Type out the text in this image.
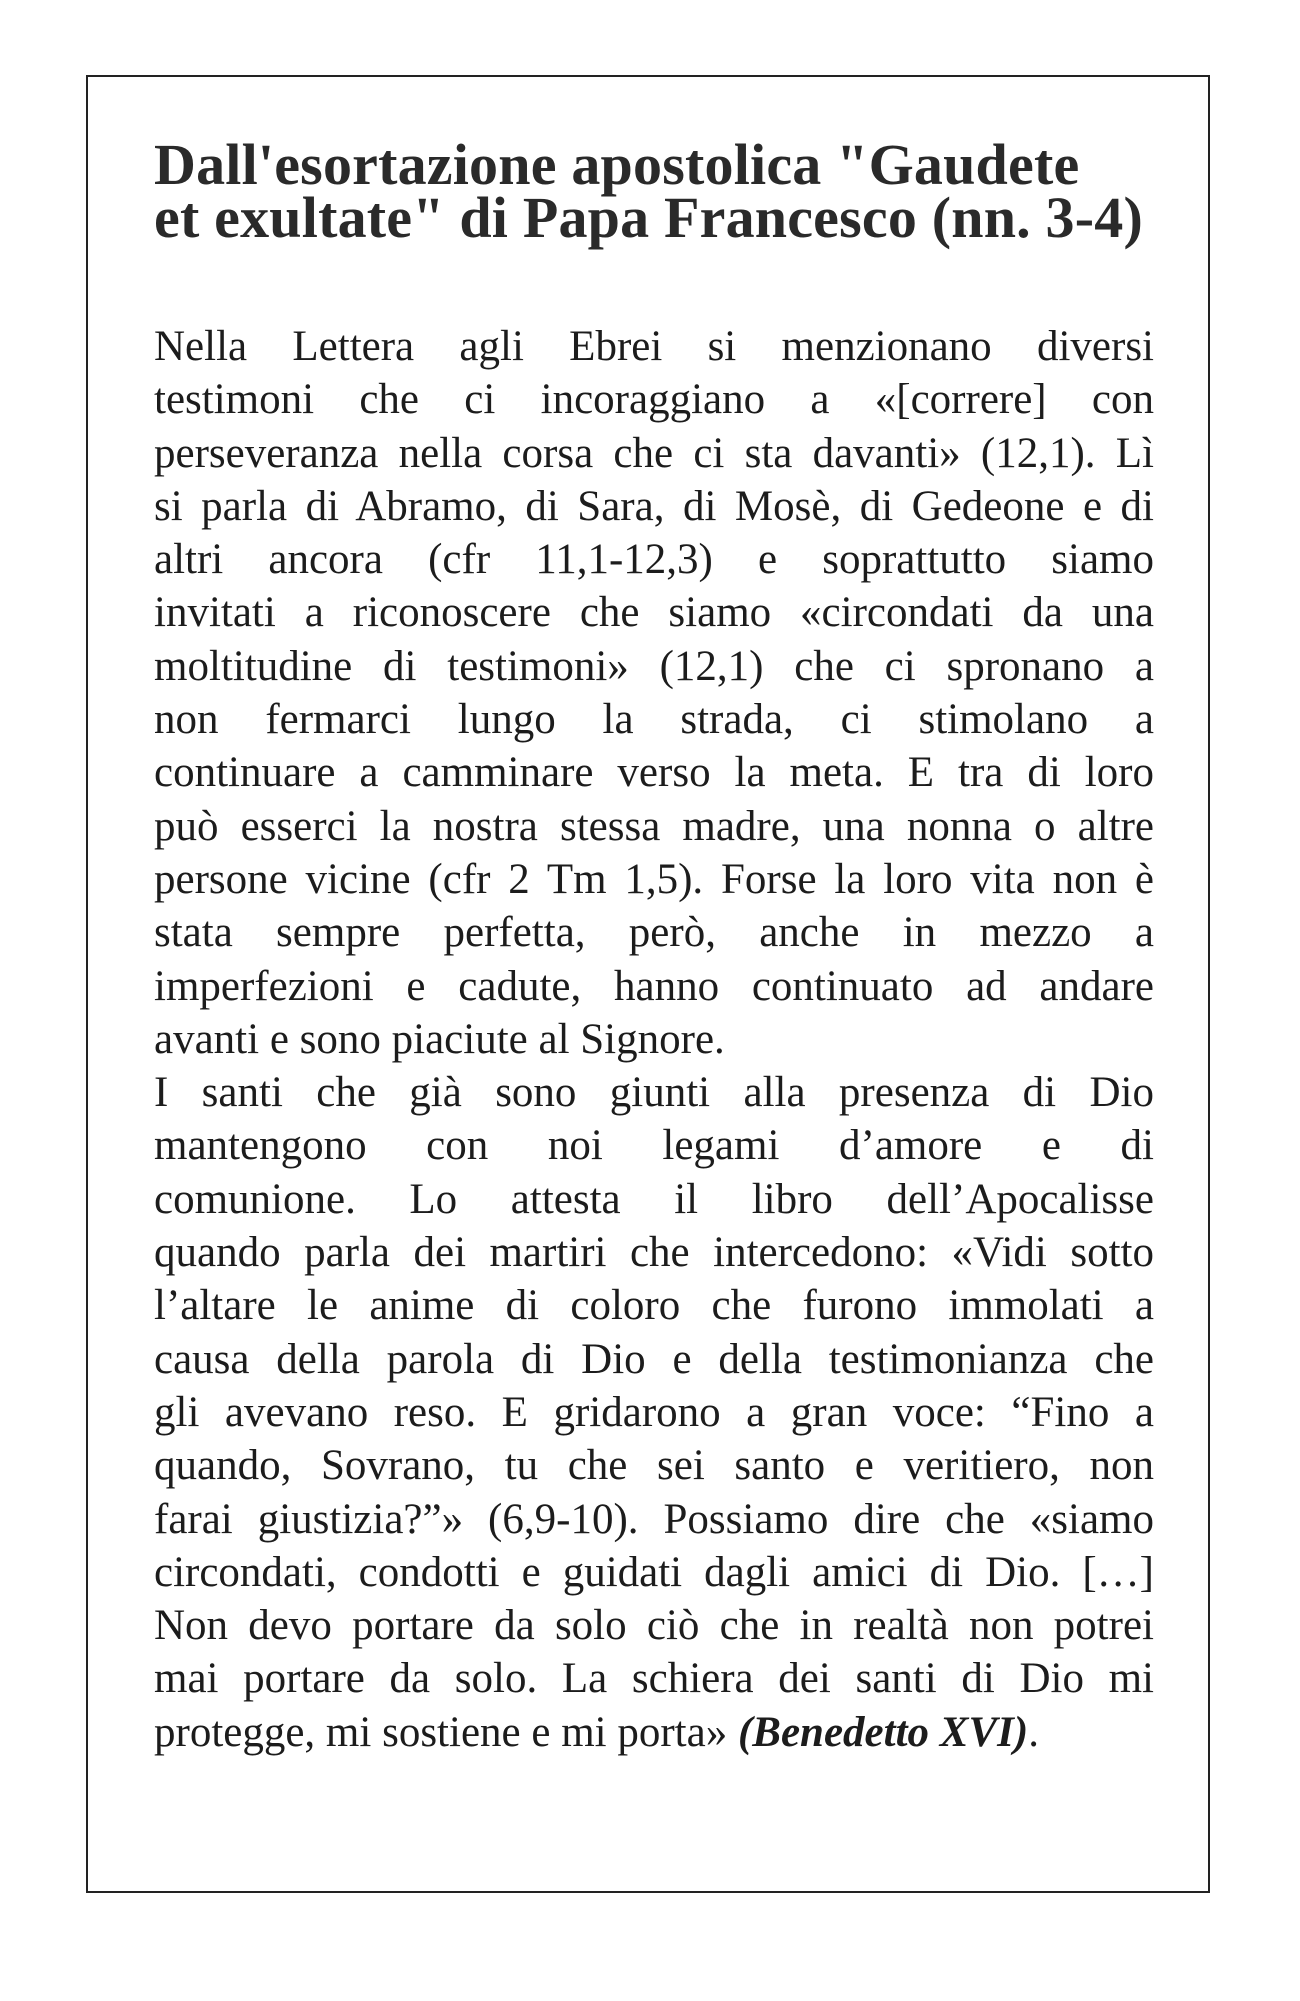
Dall'esortazione apostolica "Gaudete
et exultate" di Papa Francesco (nn. 3-4)
Nella Lettera agli Ebrei si menzionano diversi
testimoni che ci incoraggiano a «[correre] con
perseveranza nella corsa che ci sta davanti» (12,1). Lì
si parla di Abramo, di Sara, di Mosè, di Gedeone e di
altri ancora (cfr 11,1-12,3) e soprattutto siamo
invitati a riconoscere che siamo «circondati da una
moltitudine di testimoni» (12,1) che ci spronano a
non fermarci lungo la strada, ci stimolano a
continuare a camminare verso la meta. E tra di loro
può esserci la nostra stessa madre, una nonna o altre
persone vicine (cfr 2 Tm 1,5). Forse la loro vita non è
stata sempre perfetta, però, anche in mezzo a
imperfezioni e cadute, hanno continuato ad andare
avanti e sono piaciute al Signore.
I santi che già sono giunti alla presenza di Dio
mantengono con noi legami d’amore e di
comunione. Lo attesta il libro dell’Apocalisse
quando parla dei martiri che intercedono: «Vidi sotto
l’altare le anime di coloro che furono immolati a
causa della parola di Dio e della testimonianza che
gli avevano reso. E gridarono a gran voce: “Fino a
quando, Sovrano, tu che sei santo e veritiero, non
farai giustizia?”» (6,9-10). Possiamo dire che «siamo
circondati, condotti e guidati dagli amici di Dio. […]
Non devo portare da solo ciò che in realtà non potrei
mai portare da solo. La schiera dei santi di Dio mi
protegge, mi sostiene e mi porta» (Benedetto XVI).
